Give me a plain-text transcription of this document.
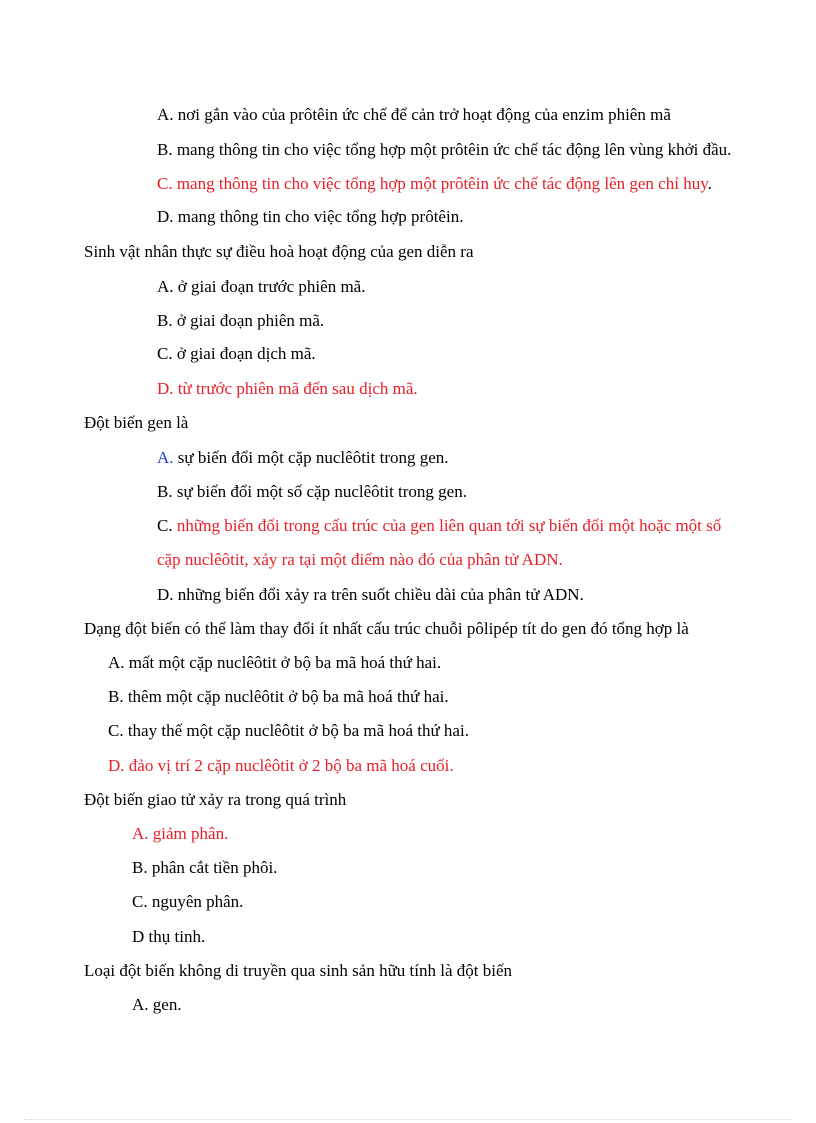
A. nơi gắn vào của prôtêin ức chế để cản trở hoạt động của enzim phiên mã
B. mang thông tin cho việc tổng hợp một prôtêin ức chế tác động lên vùng khởi đầu.
C. mang thông tin cho việc tổng hợp một prôtêin ức chế tác động lên gen chỉ huy.
D. mang thông tin cho việc tổng hợp prôtêin.
Sinh vật nhân thực sự điều hoà hoạt động của gen diễn ra
A. ở giai đoạn trước phiên mã.
B. ở giai đoạn phiên mã.
C. ở giai đoạn dịch mã.
D. từ trước phiên mã đến sau dịch mã.
Đột biến gen là
A. sự biến đổi một cặp nuclêôtit trong gen.
B. sự biến đổi một số cặp nuclêôtit trong gen.
C. những biến đổi trong cấu trúc của gen liên quan tới sự biến đổi một hoặc một số
cặp nuclêôtit, xảy ra tại một điểm nào đó của phân tử ADN.
D. những biến đổi xảy ra trên suốt chiều dài của phân tử ADN.
Dạng đột biến có thể làm thay đổi ít nhất cấu trúc chuỗi pôlipép tít do gen đó tổng hợp là
A. mất một cặp nuclêôtit ở bộ ba mã hoá thứ hai.
B. thêm một cặp nuclêôtit ở bộ ba mã hoá thứ hai.
C. thay thế một cặp nuclêôtit ở bộ ba mã hoá thứ hai.
D. đảo vị trí 2 cặp nuclêôtit ở 2 bộ ba mã hoá cuối.
Đột biến giao tử xảy ra trong quá trình
A. giảm phân.
B. phân cắt tiền phôi.
C. nguyên phân.
D thụ tinh.
Loại đột biến không di truyền qua sinh sản hữu tính là đột biến
A. gen.
